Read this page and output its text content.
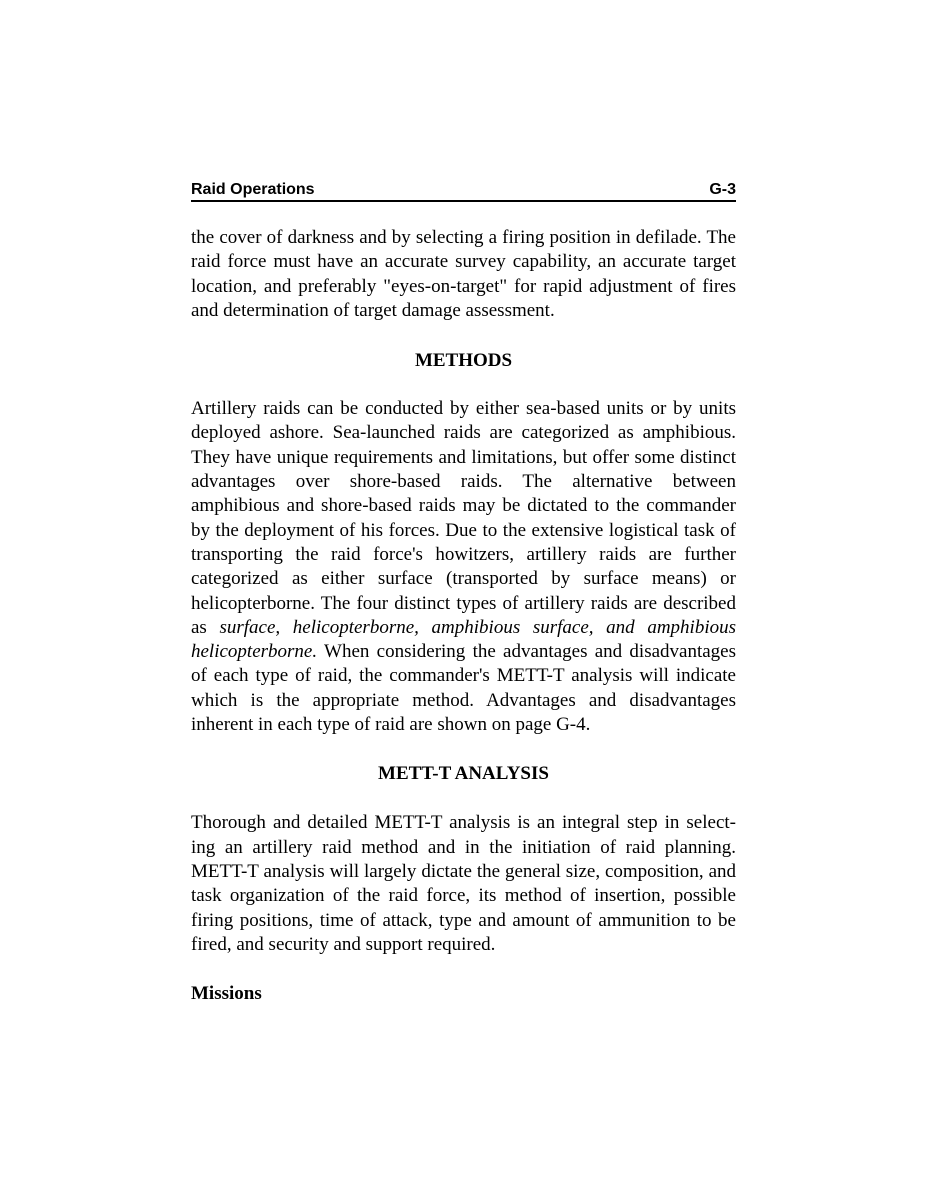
Raid Operations	G-3

the cover of darkness and by selecting a firing position in defilade. The raid force must have an accurate survey capability, an accurate target location, and preferably "eyes-on-target" for rapid adjustment of fires and determination of target damage assessment.

METHODS

Artillery raids can be conducted by either sea-based units or by units deployed ashore. Sea-launched raids are categorized as amphibious. They have unique requirements and limitations, but offer some distinct advantages over shore-based raids. The alternative between amphibious and shore-based raids may be dictated to the commander by the deployment of his forces. Due to the extensive logistical task of transporting the raid force's howitzers, artillery raids are further categorized as either surface (transported by surface means) or helicopterborne. The four distinct types of artillery raids are described as surface, helicopterborne, amphibious surface, and amphibious helicopterborne. When considering the advantages and disadvantages of each type of raid, the commander's METT-T analysis will indicate which is the appropriate method. Advantages and disadvantages inherent in each type of raid are shown on page G-4.

METT-T ANALYSIS

Thorough and detailed METT-T analysis is an integral step in select-ing an artillery raid method and in the initiation of raid planning. METT-T analysis will largely dictate the general size, composition, and task organization of the raid force, its method of insertion, possible firing positions, time of attack, type and amount of ammunition to be fired, and security and support required.

Missions
